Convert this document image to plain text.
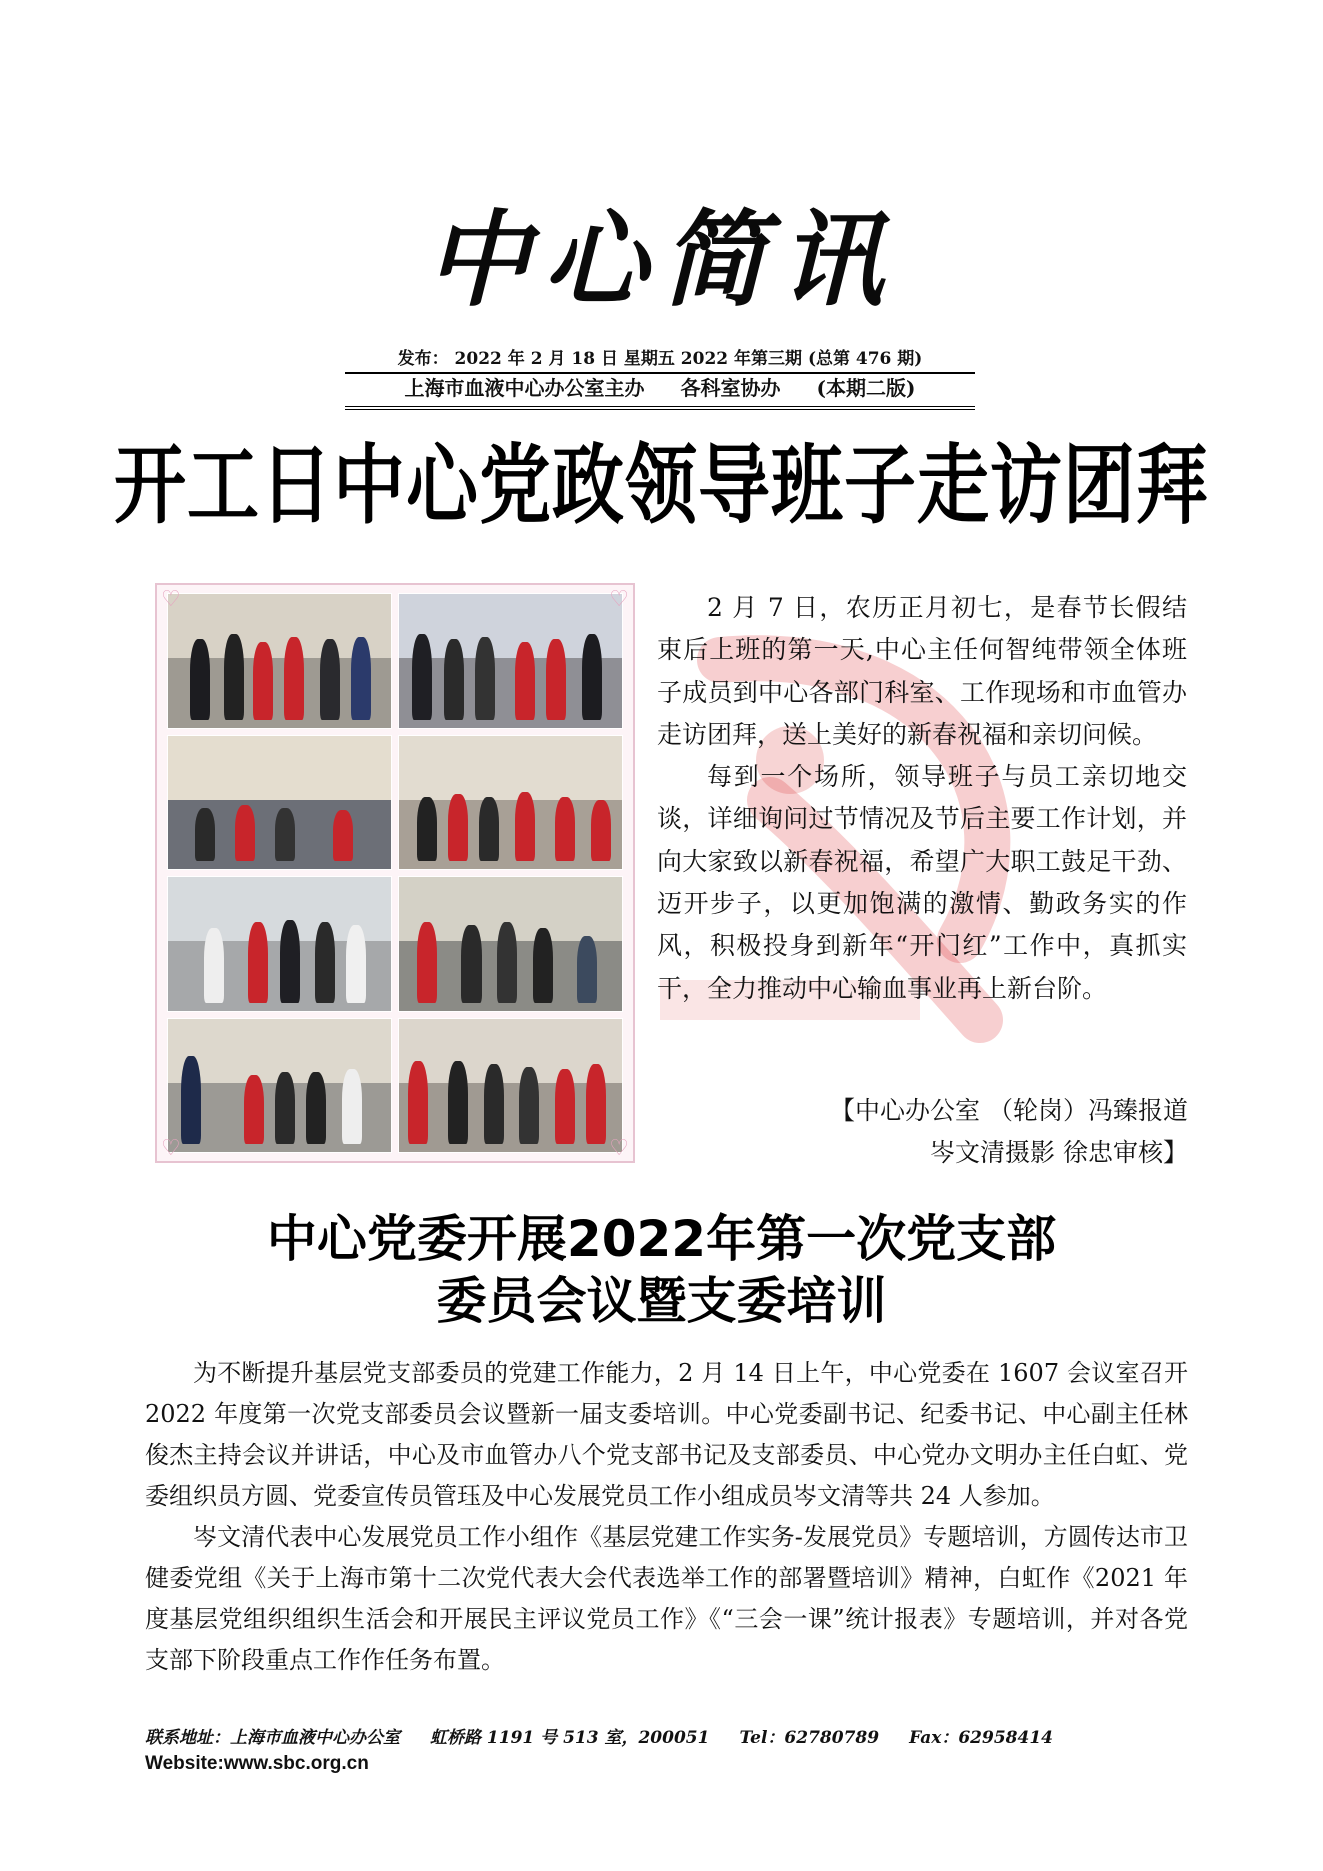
中心简讯
发布： 2022 年 2 月 18 日 星期五 2022 年第三期 (总第 476 期)
上海市血液中心办公室主办 各科室协办 (本期二版)
开工日中心党政领导班子走访团拜
♡	♡
♡	♡

2 月 7 日，农历正月初七，是春节长假结束后上班的第一天,中心主任何智纯带领全体班子成员到中心各部门科室、工作现场和市血管办走访团拜，送上美好的新春祝福和亲切问候。

每到一个场所，领导班子与员工亲切地交谈，详细询问过节情况及节后主要工作计划，并向大家致以新春祝福，希望广大职工鼓足干劲、迈开步子，以更加饱满的激情、勤政务实的作风，积极投身到新年“开门红”工作中，真抓实干，全力推动中心输血事业再上新台阶。

【中心办公室 （轮岗）冯臻报道
岑文清摄影 徐忠审核】
中心党委开展2022年第一次党支部
委员会议暨支委培训

为不断提升基层党支部委员的党建工作能力，2 月 14 日上午，中心党委在 1607 会议室召开 2022 年度第一次党支部委员会议暨新一届支委培训。中心党委副书记、纪委书记、中心副主任林俊杰主持会议并讲话，中心及市血管办八个党支部书记及支部委员、中心党办文明办主任白虹、党委组织员方圆、党委宣传员管珏及中心发展党员工作小组成员岑文清等共 24 人参加。

岑文清代表中心发展党员工作小组作《基层党建工作实务-发展党员》专题培训，方圆传达市卫健委党组《关于上海市第十二次党代表大会代表选举工作的部署暨培训》精神，白虹作《2021 年度基层党组织组织生活会和开展民主评议党员工作》《“三会一课”统计报表》专题培训，并对各党支部下阶段重点工作作任务布置。

联系地址：上海市血液中心办公室 虹桥路 1191 号 513 室，200051 Tel：62780789 Fax：62958414
Website:www.sbc.org.cn
